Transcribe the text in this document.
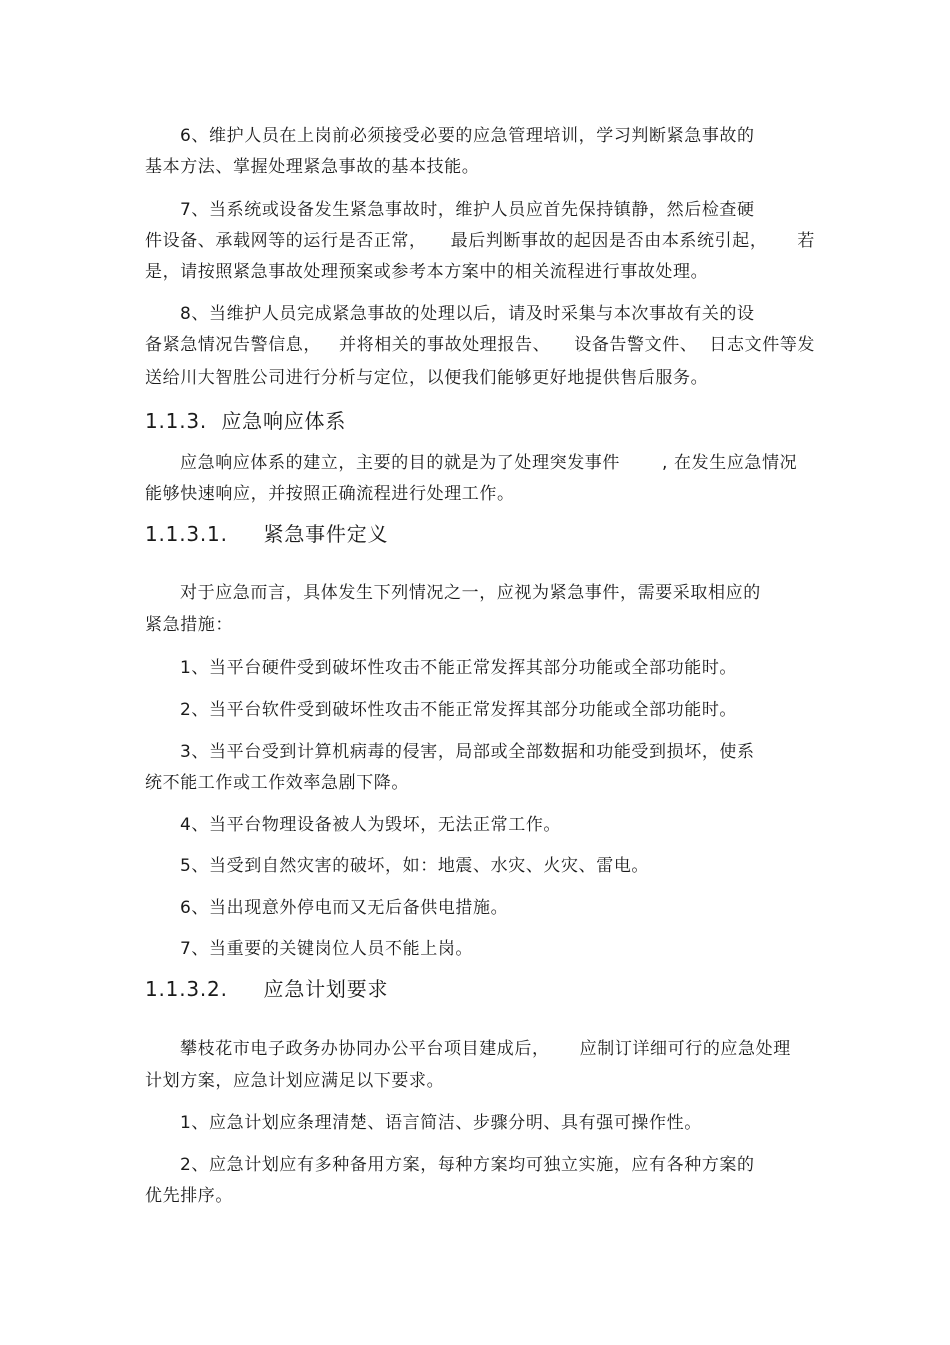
6、维护人员在上岗前必须接受必要的应急管理培训，学习判断紧急事故的
基本方法、掌握处理紧急事故的基本技能。
7、当系统或设备发生紧急事故时，维护人员应首先保持镇静，然后检查硬
件设备、承载网等的运行是否正常，    最后判断事故的起因是否由本系统引起，     若
是，请按照紧急事故处理预案或参考本方案中的相关流程进行事故处理。
8、当维护人员完成紧急事故的处理以后，请及时采集与本次事故有关的设
备紧急情况告警信息，   并将相关的事故处理报告、    设备告警文件、  日志文件等发
送给川大智胜公司进行分析与定位，以便我们能够更好地提供售后服务。
1.1.3.  应急响应体系
应急响应体系的建立，主要的目的就是为了处理突发事件       , 在发生应急情况
能够快速响应，并按照正确流程进行处理工作。
1.1.3.1.     紧急事件定义
对于应急而言，具体发生下列情况之一，应视为紧急事件，需要采取相应的
紧急措施：
1、当平台硬件受到破坏性攻击不能正常发挥其部分功能或全部功能时。
2、当平台软件受到破坏性攻击不能正常发挥其部分功能或全部功能时。
3、当平台受到计算机病毒的侵害，局部或全部数据和功能受到损坏，使系
统不能工作或工作效率急剧下降。
4、当平台物理设备被人为毁坏，无法正常工作。
5、当受到自然灾害的破坏，如：地震、水灾、火灾、雷电。
6、当出现意外停电而又无后备供电措施。
7、当重要的关键岗位人员不能上岗。
1.1.3.2.     应急计划要求
攀枝花市电子政务办协同办公平台项目建成后，     应制订详细可行的应急处理
计划方案，应急计划应满足以下要求。
1、应急计划应条理清楚、语言简洁、步骤分明、具有强可操作性。
2、应急计划应有多种备用方案，每种方案均可独立实施，应有各种方案的
优先排序。
